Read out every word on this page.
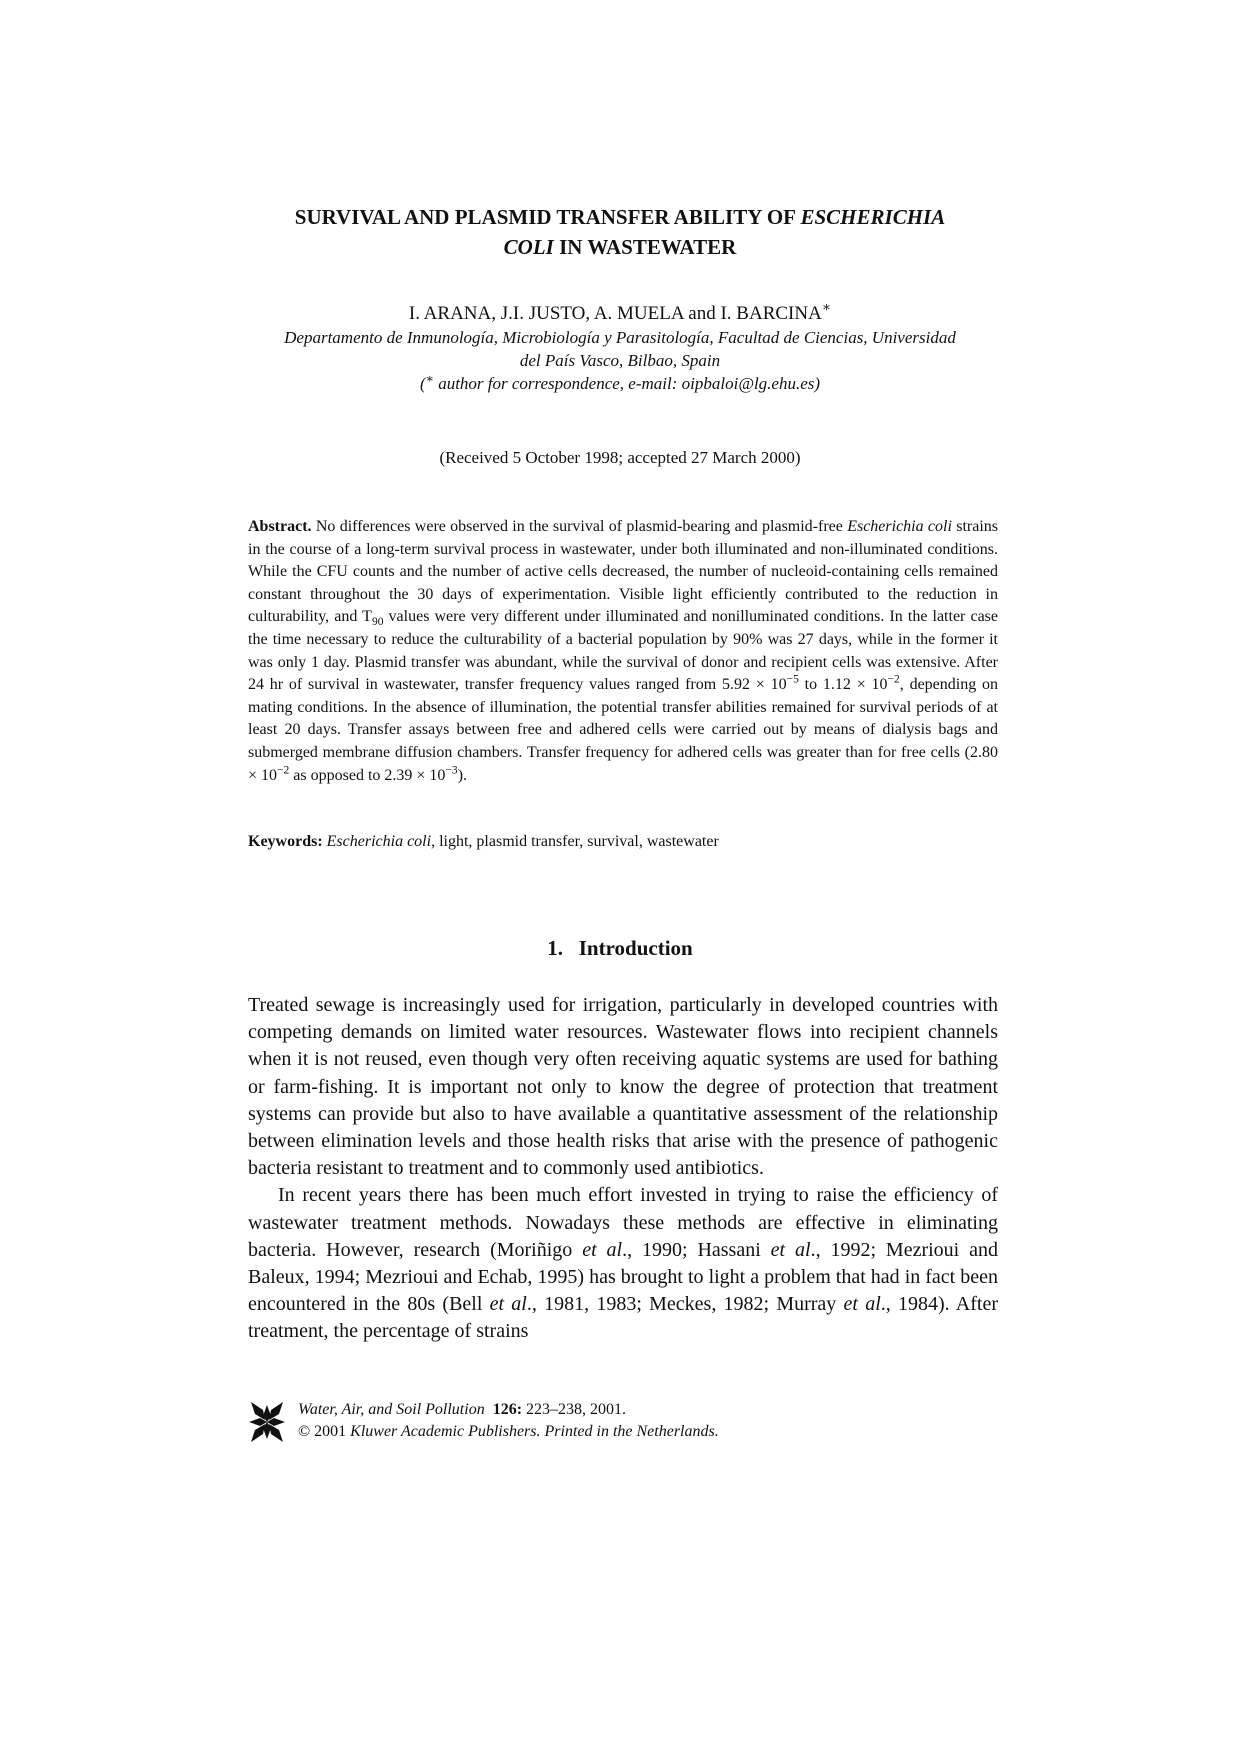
SURVIVAL AND PLASMID TRANSFER ABILITY OF ESCHERICHIA
COLI IN WASTEWATER
I. ARANA, J.I. JUSTO, A. MUELA and I. BARCINA∗
Departamento de Inmunología, Microbiología y Parasitología, Facultad de Ciencias, Universidad
del País Vasco, Bilbao, Spain
(∗ author for correspondence, e-mail: oipbaloi@lg.ehu.es)
(Received 5 October 1998; accepted 27 March 2000)
Abstract. No differences were observed in the survival of plasmid-bearing and plasmid-free Escherichia coli strains in the course of a long-term survival process in wastewater, under both illuminated and non-illuminated conditions. While the CFU counts and the number of active cells decreased, the number of nucleoid-containing cells remained constant throughout the 30 days of experimentation. Visible light efficiently contributed to the reduction in culturability, and $T_{90}$ values were very different under illuminated and nonilluminated conditions. In the latter case the time necessary to reduce the culturability of a bacterial population by 90% was 27 days, while in the former it was only 1 day. Plasmid transfer was abundant, while the survival of donor and recipient cells was extensive. After 24 hr of survival in wastewater, transfer frequency values ranged from $5.92 \times 10^{-5}$ to $1.12 \times 10^{-2}$, depending on mating conditions. In the absence of illumination, the potential transfer abilities remained for survival periods of at least 20 days. Transfer assays between free and adhered cells were carried out by means of dialysis bags and submerged membrane diffusion chambers. Transfer frequency for adhered cells was greater than for free cells ($2.80 \times 10^{-2}$ as opposed to $2.39 \times 10^{-3}$).
Keywords: Escherichia coli, light, plasmid transfer, survival, wastewater
1.   Introduction

Treated sewage is increasingly used for irrigation, particularly in developed countries with competing demands on limited water resources. Wastewater flows into recipient channels when it is not reused, even though very often receiving aquatic systems are used for bathing or farm-fishing. It is important not only to know the degree of protection that treatment systems can provide but also to have available a quantitative assessment of the relationship between elimination levels and those health risks that arise with the presence of pathogenic bacteria resistant to treatment and to commonly used antibiotics.

In recent years there has been much effort invested in trying to raise the efficiency of wastewater treatment methods. Nowadays these methods are effective in eliminating bacteria. However, research (Moriñigo et al., 1990; Hassani et al., 1992; Mezrioui and Baleux, 1994; Mezrioui and Echab, 1995) has brought to light a problem that had in fact been encountered in the 80s (Bell et al., 1981, 1983; Meckes, 1982; Murray et al., 1984). After treatment, the percentage of strains

Water, Air, and Soil Pollution 126: 223–238, 2001.
© 2001 Kluwer Academic Publishers. Printed in the Netherlands.
